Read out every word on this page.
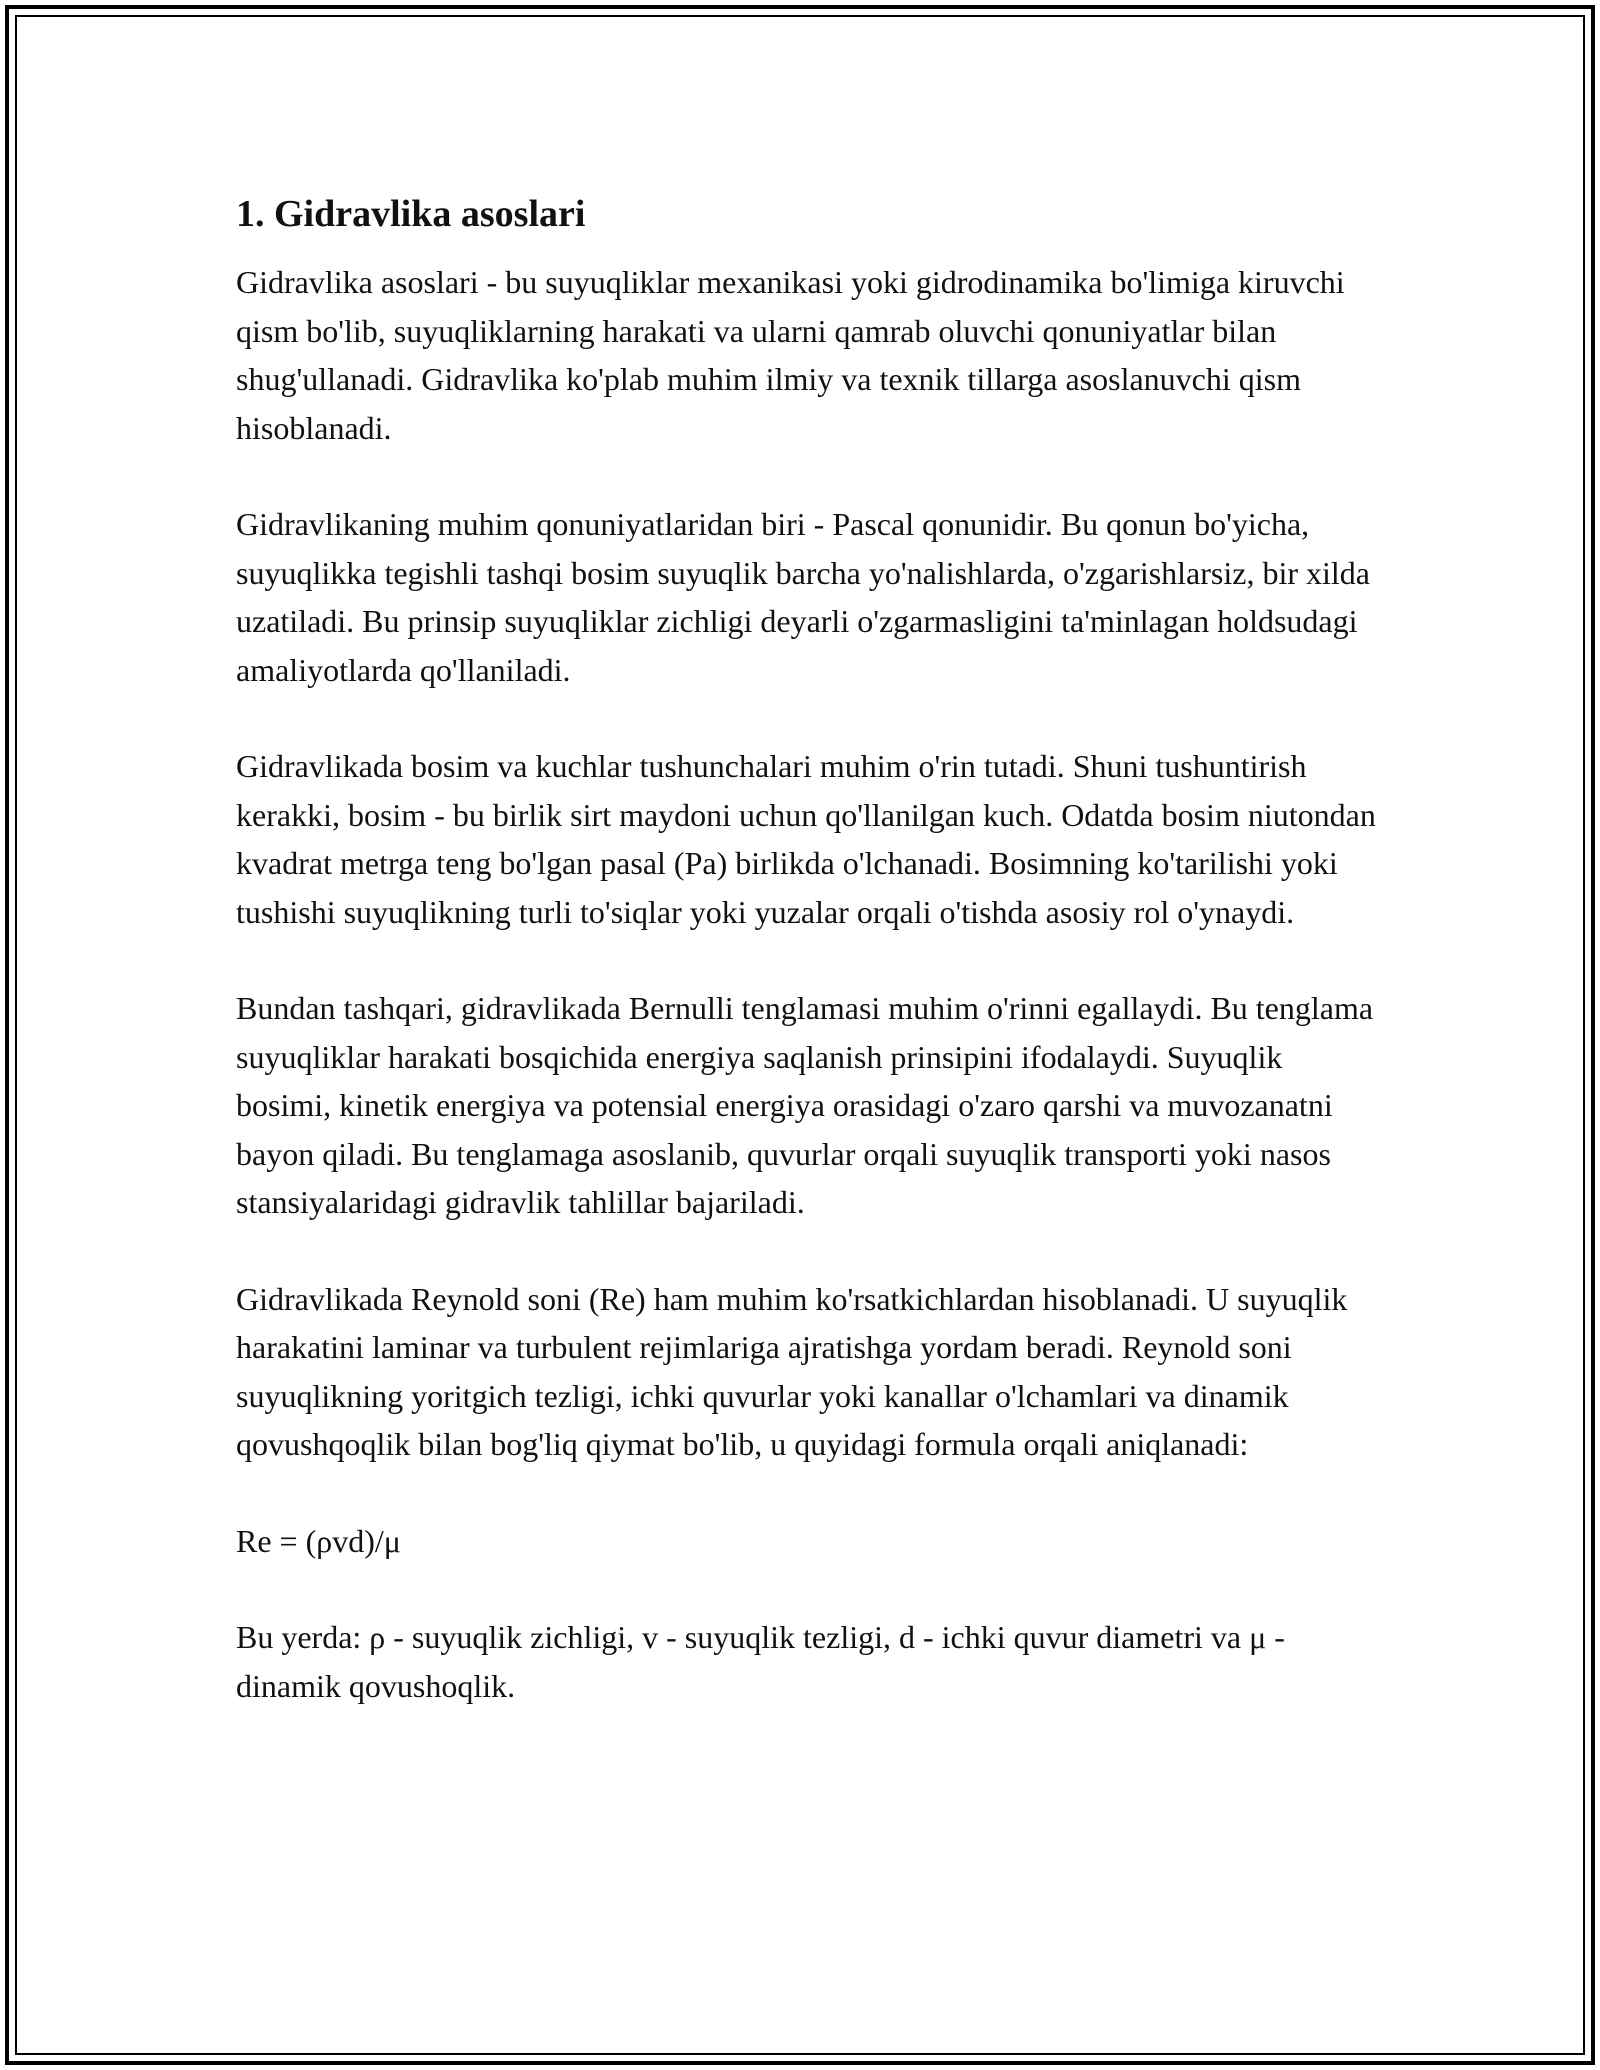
1. Gidravlika asoslari

Gidravlika asoslari - bu suyuqliklar mexanikasi yoki gidrodinamika bo'limiga kiruvchi qism bo'lib, suyuqliklarning harakati va ularni qamrab oluvchi qonuniyatlar bilan shug'ullanadi. Gidravlika ko'plab muhim ilmiy va texnik tillarga asoslanuvchi qism hisoblanadi.

Gidravlikaning muhim qonuniyatlaridan biri - Pascal qonunidir. Bu qonun bo'yicha, suyuqlikka tegishli tashqi bosim suyuqlik barcha yo'nalishlarda, o'zgarishlarsiz, bir xilda uzatiladi. Bu prinsip suyuqliklar zichligi deyarli o'zgarmasligini ta'minlagan holdsudagi amaliyotlarda qo'llaniladi.

Gidravlikada bosim va kuchlar tushunchalari muhim o'rin tutadi. Shuni tushuntirish kerakki, bosim - bu birlik sirt maydoni uchun qo'llanilgan kuch. Odatda bosim niutondan kvadrat metrga teng bo'lgan pasal (Pa) birlikda o'lchanadi. Bosimning ko'tarilishi yoki tushishi suyuqlikning turli to'siqlar yoki yuzalar orqali o'tishda asosiy rol o'ynaydi.

Bundan tashqari, gidravlikada Bernulli tenglamasi muhim o'rinni egallaydi. Bu tenglama suyuqliklar harakati bosqichida energiya saqlanish prinsipini ifodalaydi. Suyuqlik bosimi, kinetik energiya va potensial energiya orasidagi o'zaro qarshi va muvozanatni bayon qiladi. Bu tenglamaga asoslanib, quvurlar orqali suyuqlik transporti yoki nasos stansiyalaridagi gidravlik tahlillar bajariladi.

Gidravlikada Reynold soni (Re) ham muhim ko'rsatkichlardan hisoblanadi. U suyuqlik harakatini laminar va turbulent rejimlariga ajratishga yordam beradi. Reynold soni suyuqlikning yoritgich tezligi, ichki quvurlar yoki kanallar o'lchamlari va dinamik qovushqoqlik bilan bog'liq qiymat bo'lib, u quyidagi formula orqali aniqlanadi:

Re = (ρvd)/μ

Bu yerda: ρ - suyuqlik zichligi, v - suyuqlik tezligi, d - ichki quvur diametri va μ - dinamik qovushoqlik.
